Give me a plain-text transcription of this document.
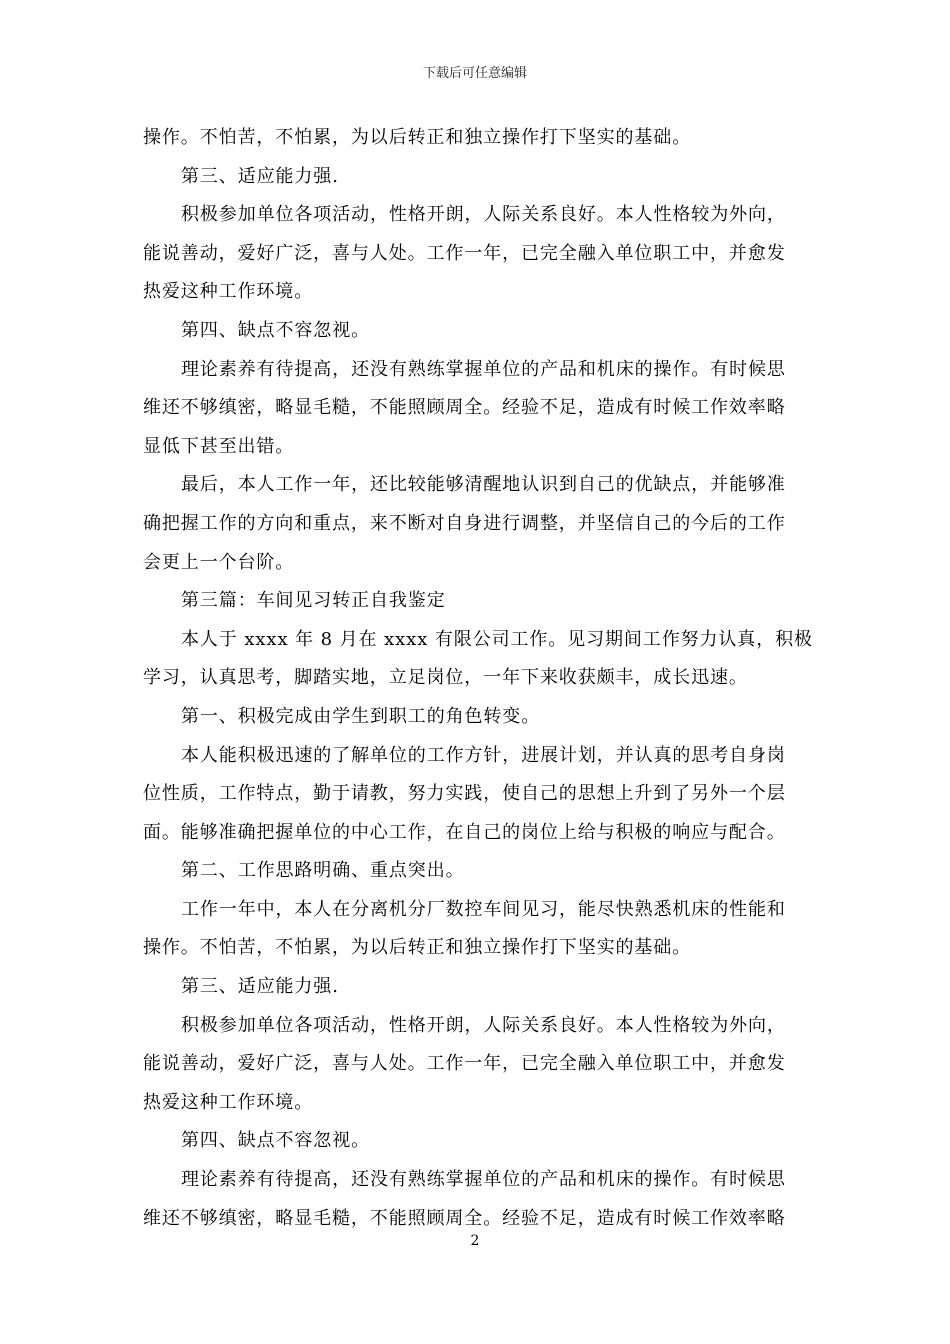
下载后可任意编辑

操作。不怕苦，不怕累，为以后转正和独立操作打下坚实的基础。

第三、适应能力强.

积极参加单位各项活动，性格开朗，人际关系良好。本人性格较为外向，

能说善动，爱好广泛，喜与人处。工作一年，已完全融入单位职工中，并愈发

热爱这种工作环境。

第四、缺点不容忽视。

理论素养有待提高，还没有熟练掌握单位的产品和机床的操作。有时候思

维还不够缜密，略显毛糙，不能照顾周全。经验不足，造成有时候工作效率略

显低下甚至出错。

最后，本人工作一年，还比较能够清醒地认识到自己的优缺点，并能够准

确把握工作的方向和重点，来不断对自身进行调整，并坚信自己的今后的工作

会更上一个台阶。

第三篇：车间见习转正自我鉴定

本人于 xxxx 年 8 月在 xxxx 有限公司工作。见习期间工作努力认真，积极

学习，认真思考，脚踏实地，立足岗位，一年下来收获颇丰，成长迅速。

第一、积极完成由学生到职工的角色转变。

本人能积极迅速的了解单位的工作方针，进展计划，并认真的思考自身岗

位性质，工作特点，勤于请教，努力实践，使自己的思想上升到了另外一个层

面。能够准确把握单位的中心工作，在自己的岗位上给与积极的响应与配合。

第二、工作思路明确、重点突出。

工作一年中，本人在分离机分厂数控车间见习，能尽快熟悉机床的性能和

操作。不怕苦，不怕累，为以后转正和独立操作打下坚实的基础。

第三、适应能力强.

积极参加单位各项活动，性格开朗，人际关系良好。本人性格较为外向，

能说善动，爱好广泛，喜与人处。工作一年，已完全融入单位职工中，并愈发

热爱这种工作环境。

第四、缺点不容忽视。

理论素养有待提高，还没有熟练掌握单位的产品和机床的操作。有时候思

维还不够缜密，略显毛糙，不能照顾周全。经验不足，造成有时候工作效率略

2
